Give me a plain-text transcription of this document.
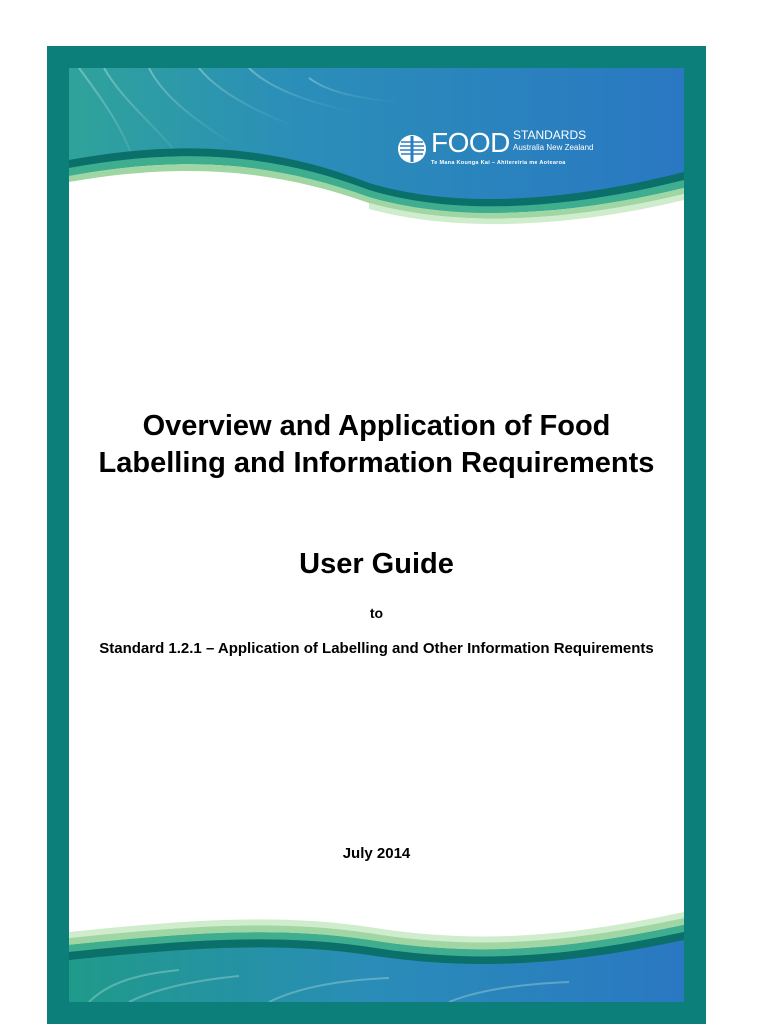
FOOD STANDARDS
Australia New Zealand
Te Mana Kounga Kai – Ahitereiria me Aotearoa
Overview and Application of Food Labelling and Information Requirements
User Guide
to
Standard 1.2.1 – Application of Labelling and Other Information Requirements
July 2014
